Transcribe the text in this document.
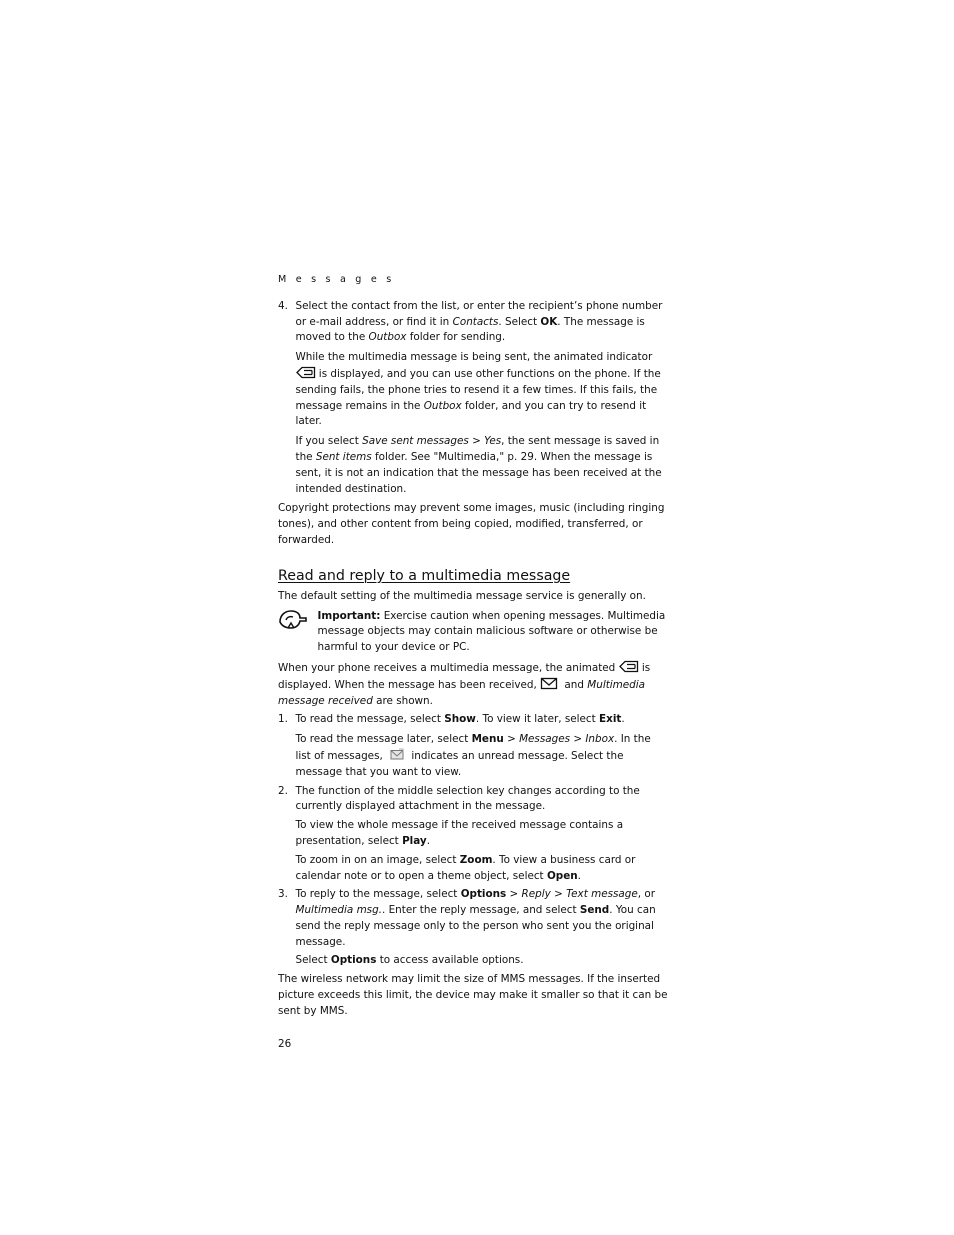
M e s s a g e s
4. Select the contact from the list, or enter the recipient’s phone number or e-mail address, or find it in Contacts. Select OK. The message is moved to the Outbox folder for sending.

While the multimedia message is being sent, the animated indicator  is displayed, and you can use other functions on the phone. If the sending fails, the phone tries to resend it a few times. If this fails, the message remains in the Outbox folder, and you can try to resend it later.

If you select Save sent messages > Yes, the sent message is saved in the Sent items folder. See "Multimedia," p. 29. When the message is sent, it is not an indication that the message has been received at the intended destination.

Copyright protections may prevent some images, music (including ringing tones), and other content from being copied, modified, transferred, or forwarded.

Read and reply to a multimedia message

The default setting of the multimedia message service is generally on.

Important: Exercise caution when opening messages. Multimedia message objects may contain malicious software or otherwise be harmful to your device or PC.

When your phone receives a multimedia message, the animated  is displayed. When the message has been received,  and Multimedia message received are shown.

1. To read the message, select Show. To view it later, select Exit.

To read the message later, select Menu > Messages > Inbox. In the list of messages,  indicates an unread message. Select the message that you want to view.

2. The function of the middle selection key changes according to the currently displayed attachment in the message.

To view the whole message if the received message contains a presentation, select Play.

To zoom in on an image, select Zoom. To view a business card or calendar note or to open a theme object, select Open.

3. To reply to the message, select Options > Reply > Text message, or Multimedia msg.. Enter the reply message, and select Send. You can send the reply message only to the person who sent you the original message.

Select Options to access available options.

The wireless network may limit the size of MMS messages. If the inserted picture exceeds this limit, the device may make it smaller so that it can be sent by MMS.

26
